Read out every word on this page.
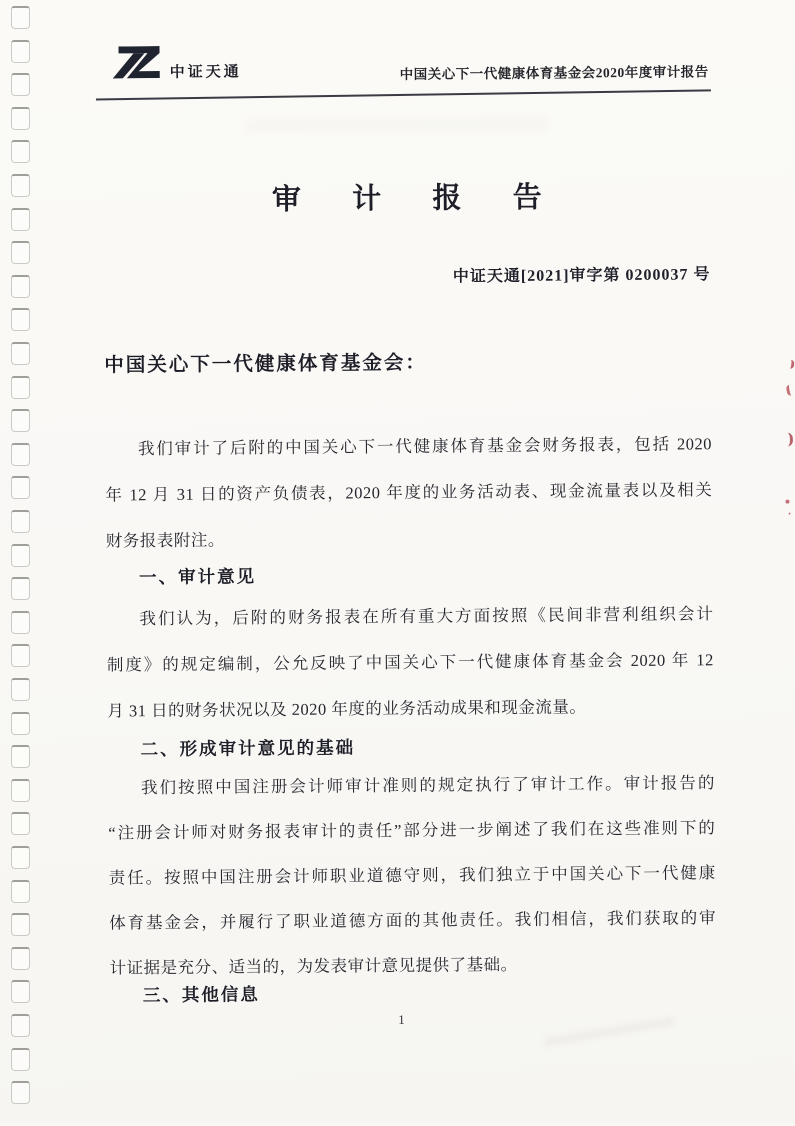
中证天通	中国关心下一代健康体育基金会2020年度审计报告
审 计 报 告
中证天通[2021]审字第 0200037 号
中国关心下一代健康体育基金会：
我们审计了后附的中国关心下一代健康体育基金会财务报表，包括 2020
年 12 月 31 日的资产负债表，2020 年度的业务活动表、现金流量表以及相关
财务报表附注。
一、审计意见
我们认为，后附的财务报表在所有重大方面按照《民间非营利组织会计
制度》的规定编制，公允反映了中国关心下一代健康体育基金会 2020 年 12
月 31 日的财务状况以及 2020 年度的业务活动成果和现金流量。
二、形成审计意见的基础
我们按照中国注册会计师审计准则的规定执行了审计工作。审计报告的
“注册会计师对财务报表审计的责任”部分进一步阐述了我们在这些准则下的
责任。按照中国注册会计师职业道德守则，我们独立于中国关心下一代健康
体育基金会，并履行了职业道德方面的其他责任。我们相信，我们获取的审
计证据是充分、适当的，为发表审计意见提供了基础。
三、其他信息
1
